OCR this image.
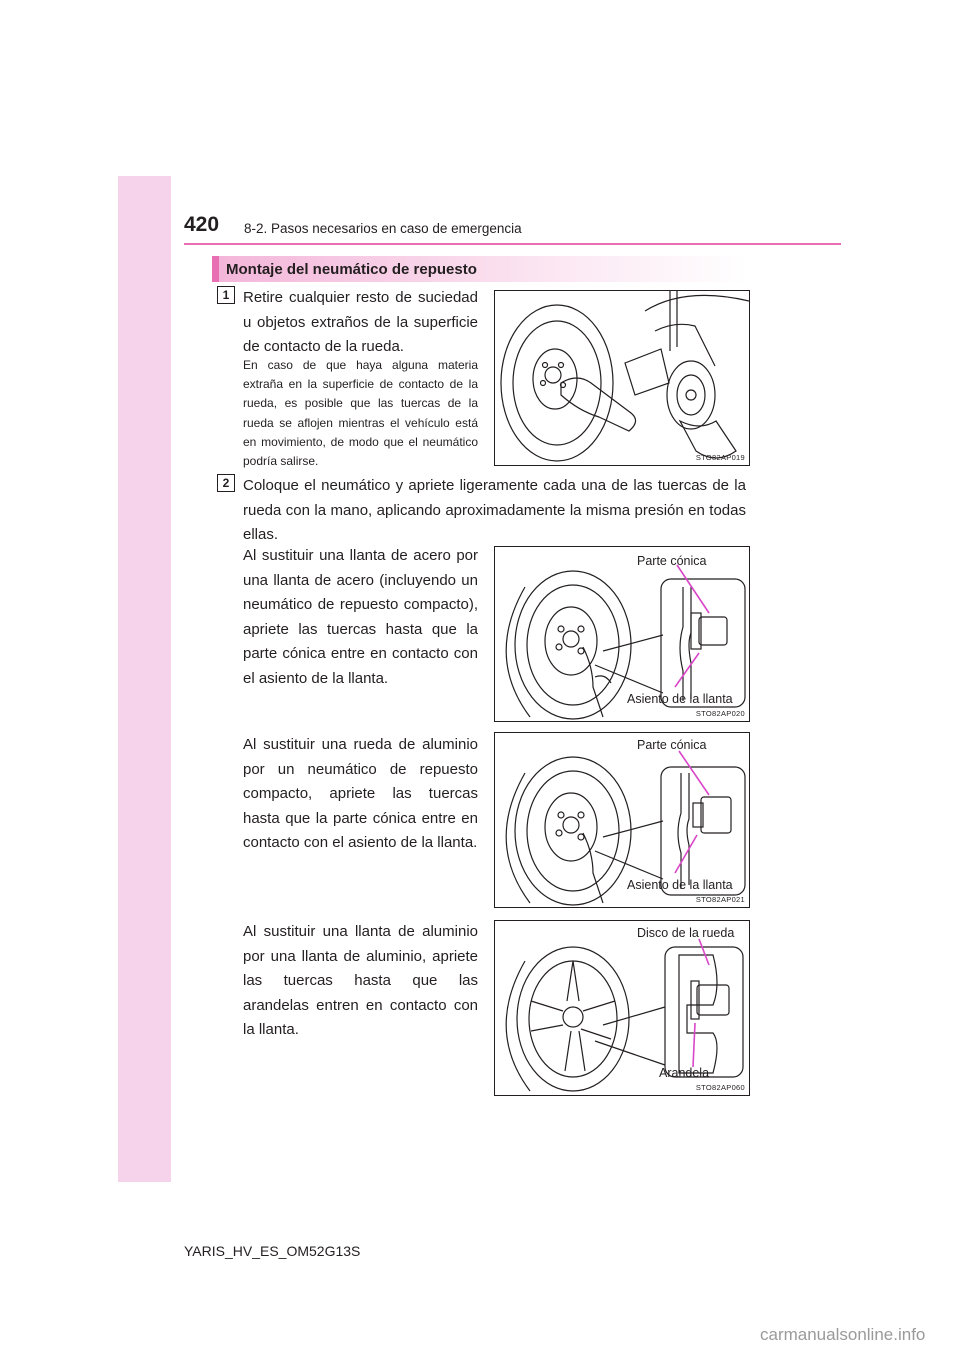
420 8-2. Pasos necesarios en caso de emergencia
Montaje del neumático de repuesto
1 Retire cualquier resto de suciedad u objetos extraños de la superficie de contacto de la rueda.
En caso de que haya alguna materia extraña en la superficie de contacto de la rueda, es posible que las tuercas de la rueda se aflojen mientras el vehículo está en movimiento, de modo que el neumático podría salirse.	STO82AP019
2 Coloque el neumático y apriete ligeramente cada una de las tuercas de la rueda con la mano, aplicando aproximadamente la misma presión en todas ellas.
Al sustituir una llanta de acero por una llanta de acero (incluyendo un neumático de repuesto compacto), apriete las tuercas hasta que la parte cónica entre en contacto con el asiento de la llanta.
Parte cónica
Asiento de la llanta
STO82AP020
Al sustituir una rueda de aluminio por un neumático de repuesto compacto, apriete las tuercas hasta que la parte cónica entre en contacto con el asiento de la llanta.
Parte cónica
Asiento de la llanta
STO82AP021
Al sustituir una llanta de aluminio por una llanta de aluminio, apriete las tuercas hasta que las arandelas entren en contacto con la llanta.
Disco de la rueda
Arandela
STO82AP060
YARIS_HV_ES_OM52G13S
carmanualsonline.info
